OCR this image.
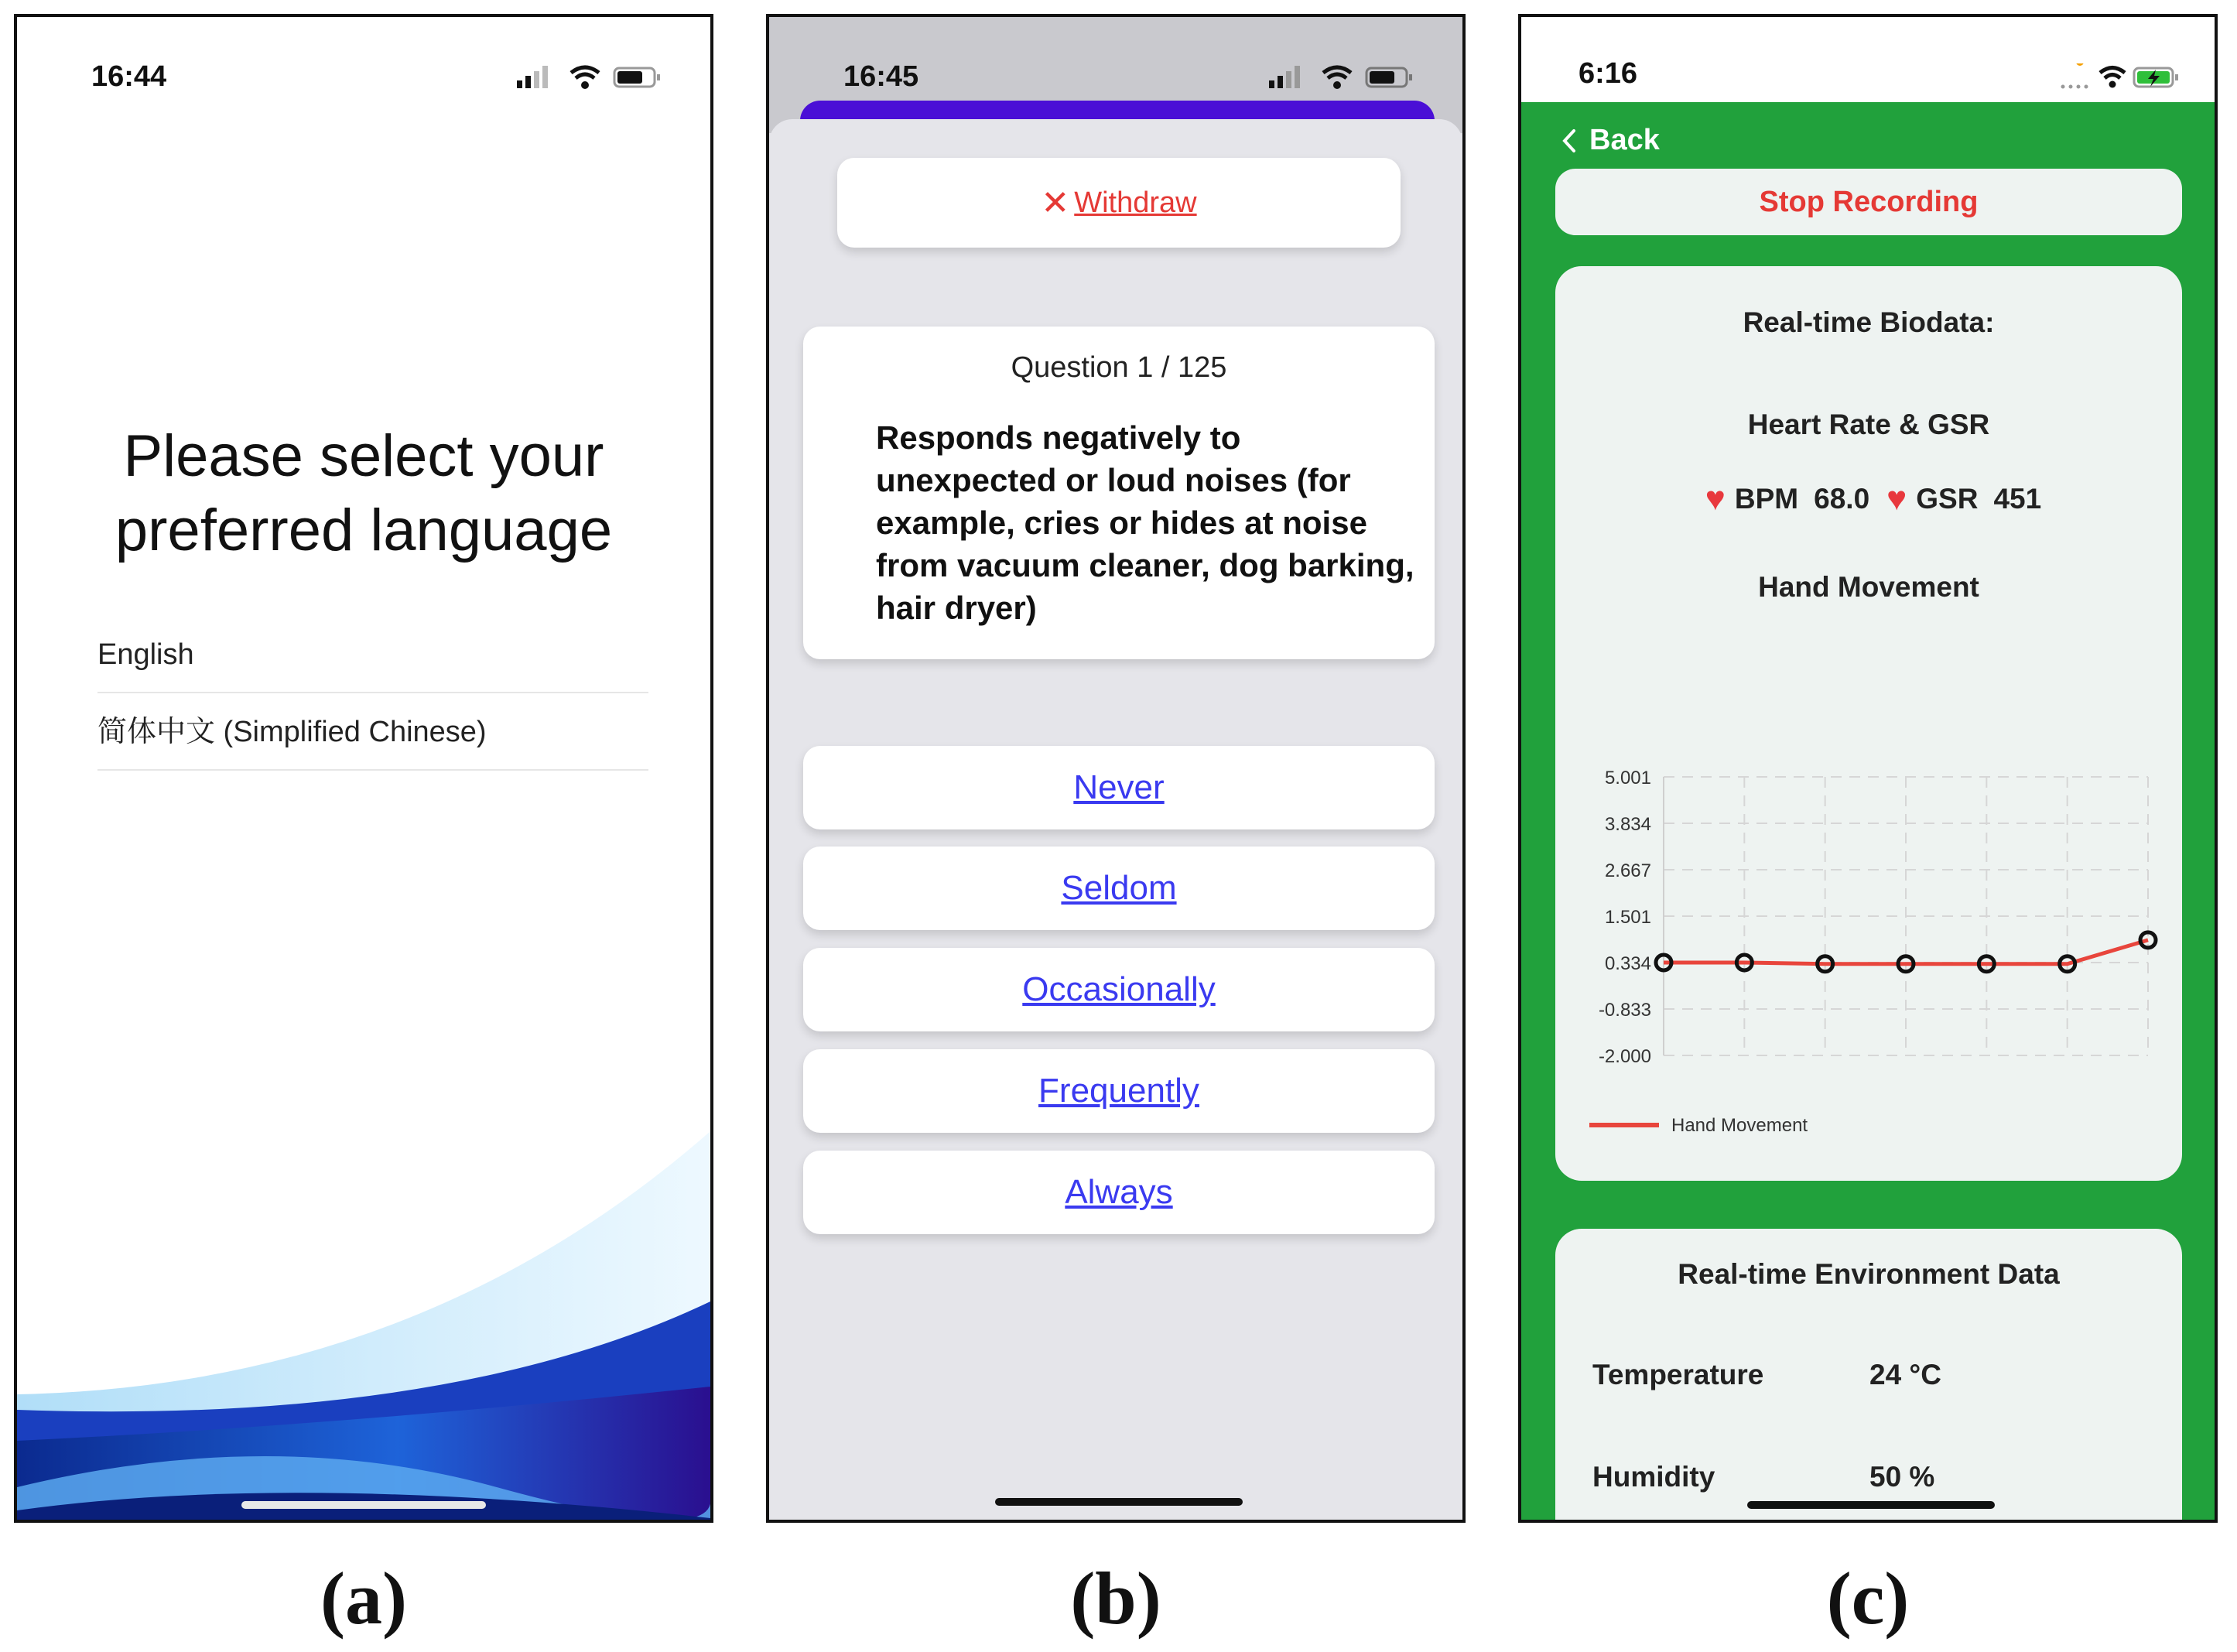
16:44
Please select your
preferred language
English
简体中文 (Simplified Chinese)
16:45
✕ Withdraw
Question 1 / 125
Responds negatively to unexpected or loud noises (for example, cries or hides at noise from vacuum cleaner, dog barking, hair dryer)
Never
Seldom
Occasionally
Frequently
Always
6:16
Back
Stop Recording
Real-time Biodata:
Heart Rate & GSR
♥ BPM 68.0 ♥ GSR 451
Hand Movement
5.001
3.834
2.667
1.501
0.334
-0.833
-2.000
Hand Movement
Real-time Environment Data
Temperature	24 °C
Humidity	50 %
(a)	(b)	(c)
